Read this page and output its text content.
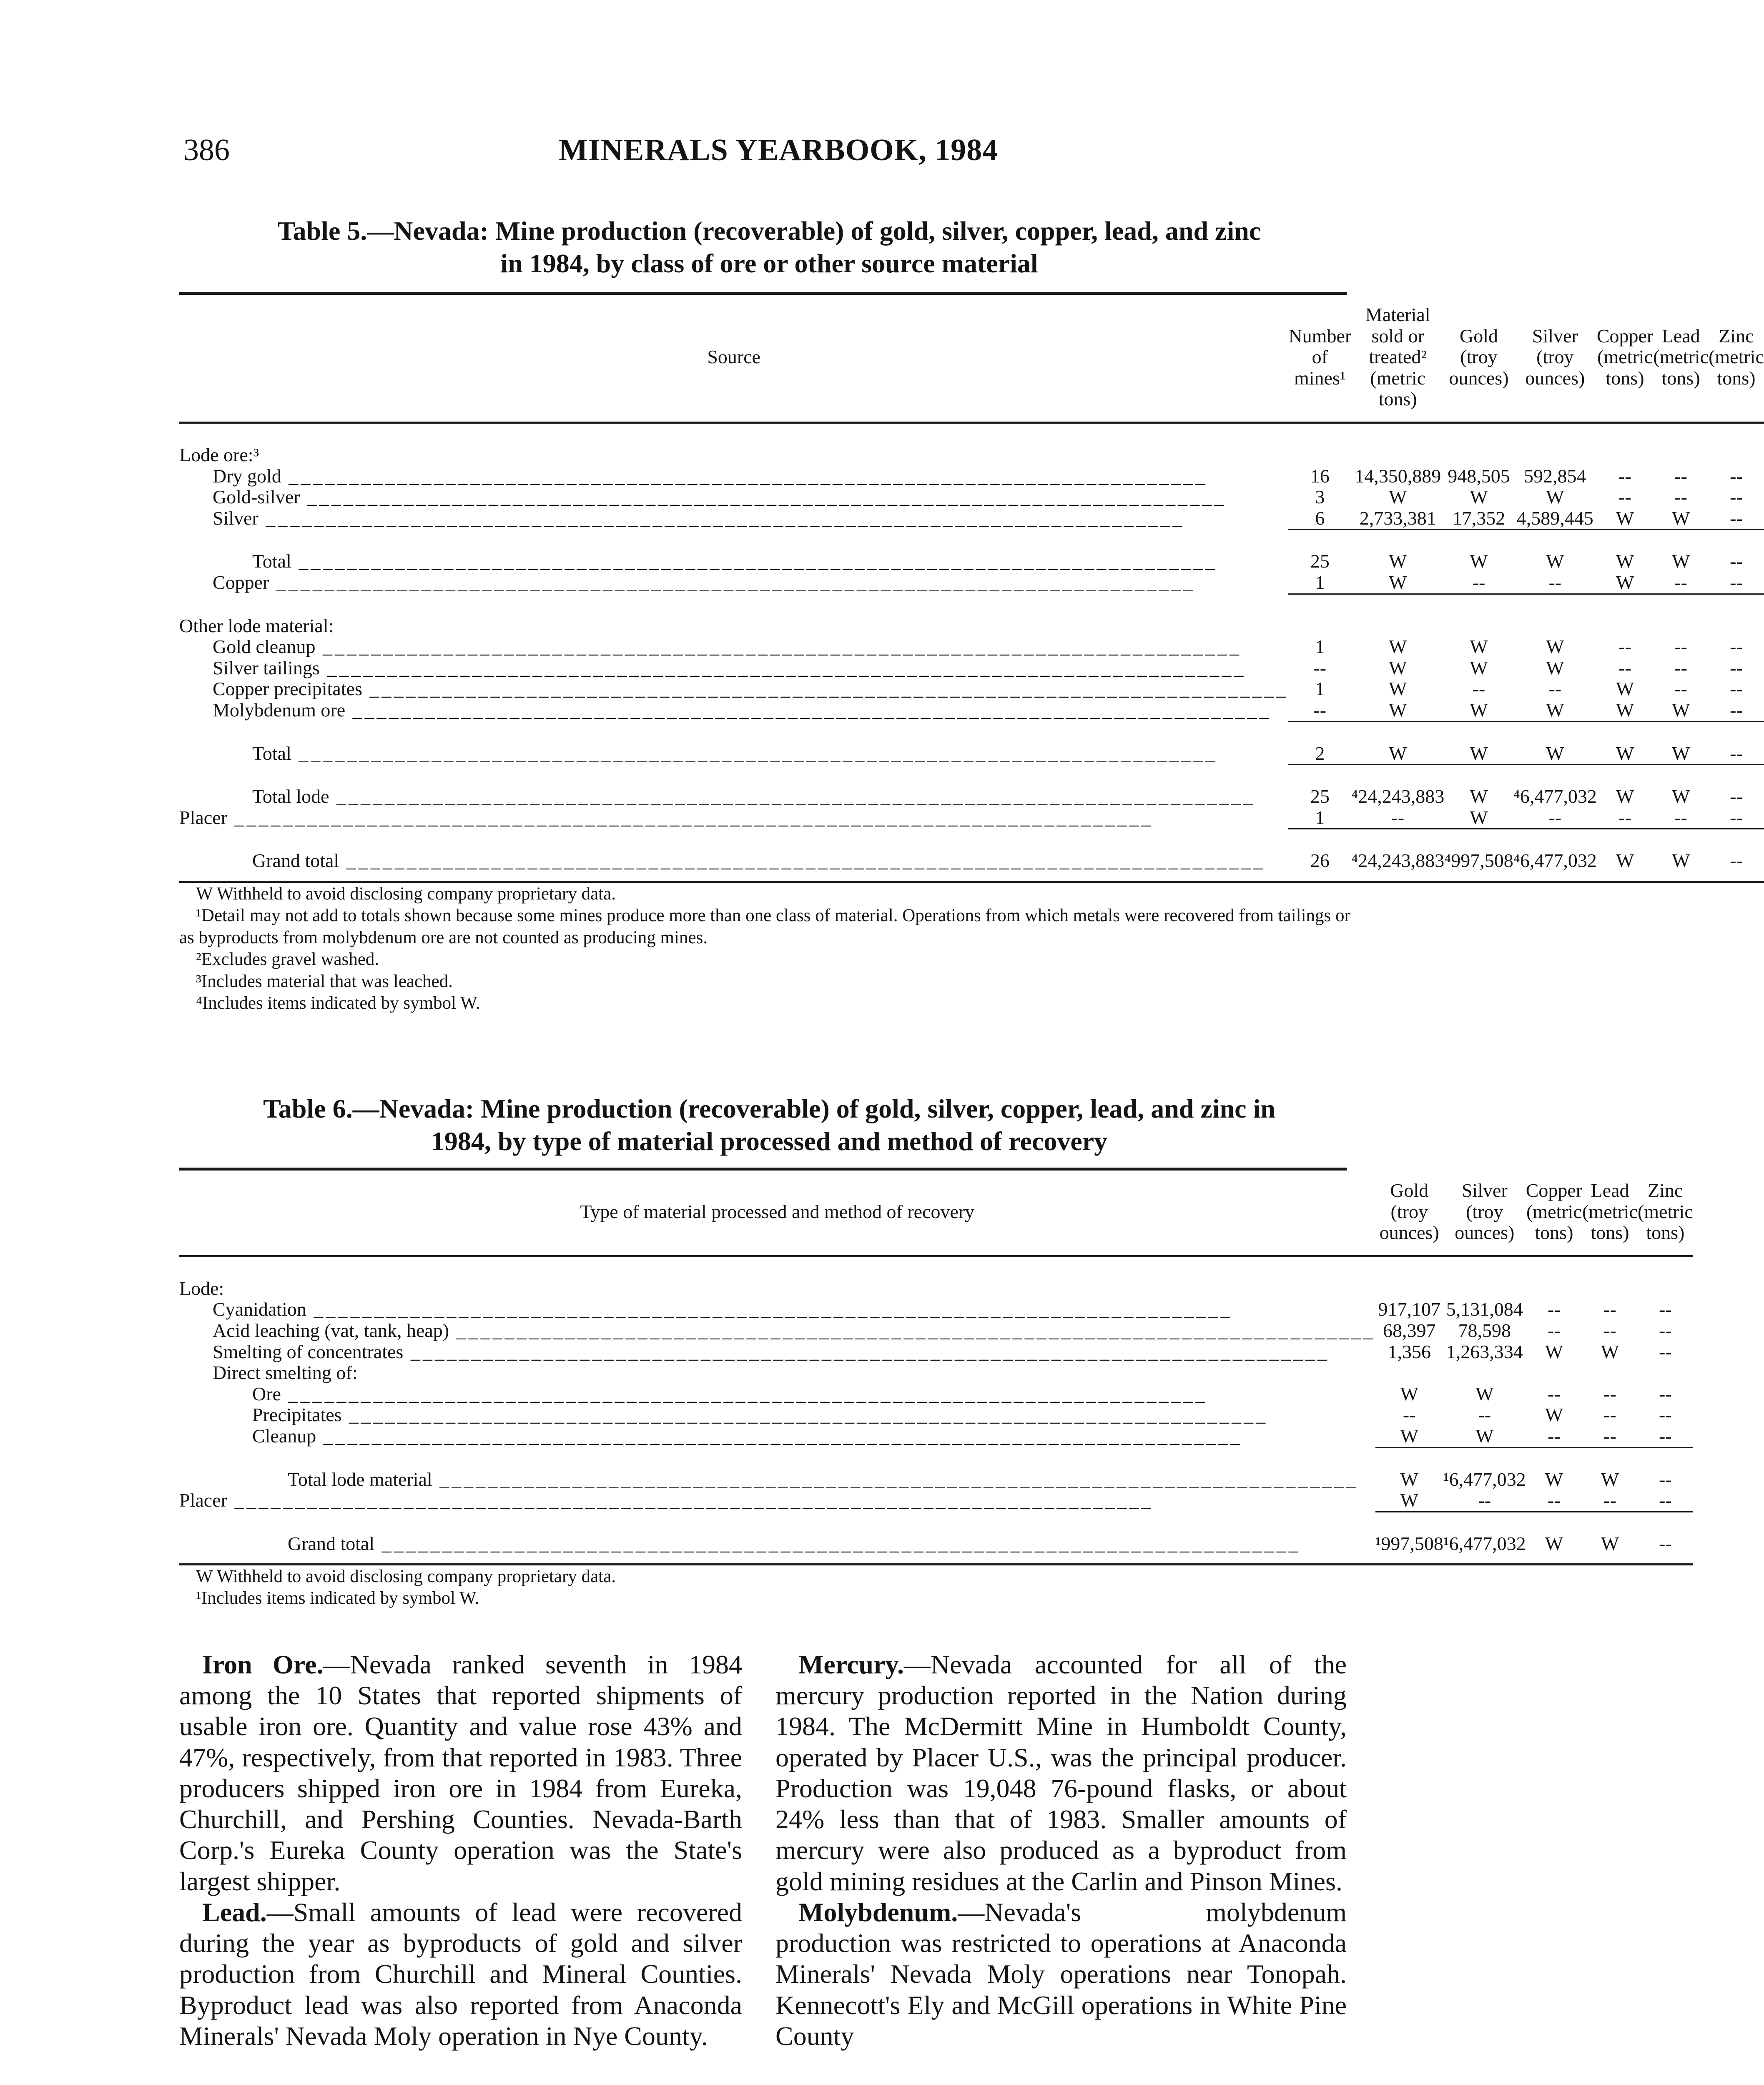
386	MINERALS YEARBOOK, 1984
Table 5.—Nevada: Mine production (recoverable) of gold, silver, copper, lead, and zinc
in 1984, by class of ore or other source material
Source	Number of mines¹	Material sold or treated² (metric tons)	Gold (troy ounces)	Silver (troy ounces)	Copper (metric tons)	Lead (metric tons)	Zinc (metric tons)

Lode ore:³							
Dry gold _____	16	14,350,889	948,505	592,854	--	--	--
Gold-silver _____	3	W	W	W	--	--	--
Silver _____	6	2,733,381	17,352	4,589,445	W	W	--

Total _____	25	W	W	W	W	W	--
Copper _____	1	W	--	--	W	--	--

Other lode material:							
Gold cleanup _____	1	W	W	W	--	--	--
Silver tailings _____	--	W	W	W	--	--	--
Copper precipitates _____	1	W	--	--	W	--	--
Molybdenum ore _____	--	W	W	W	W	W	--

Total _____	2	W	W	W	W	W	--

Total lode _____	25	⁴24,243,883	W	⁴6,477,032	W	W	--
Placer _____	1	--	W	--	--	--	--

Grand total _____	26	⁴24,243,883	⁴997,508	⁴6,477,032	W	W	--

W Withheld to avoid disclosing company proprietary data.

¹Detail may not add to totals shown because some mines produce more than one class of material. Operations from which metals were recovered from tailings or as byproducts from molybdenum ore are not counted as producing mines.

²Excludes gravel washed.

³Includes material that was leached.

⁴Includes items indicated by symbol W.

Table 6.—Nevada: Mine production (recoverable) of gold, silver, copper, lead, and zinc in
1984, by type of material processed and method of recovery
Type of material processed and method of recovery	Gold (troy ounces)	Silver (troy ounces)	Copper (metric tons)	Lead (metric tons)	Zinc (metric tons)

Lode:					
Cyanidation _____	917,107	5,131,084	--	--	--
Acid leaching (vat, tank, heap) _____	68,397	78,598	--	--	--
Smelting of concentrates _____	1,356	1,263,334	W	W	--
Direct smelting of:					
Ore _____	W	W	--	--	--
Precipitates _____	--	--	W	--	--
Cleanup _____	W	W	--	--	--

Total lode material _____	W	¹6,477,032	W	W	--
Placer _____	W	--	--	--	--

Grand total _____	¹997,508	¹6,477,032	W	W	--

W Withheld to avoid disclosing company proprietary data.

¹Includes items indicated by symbol W.

Iron Ore.—Nevada ranked seventh in 1984 among the 10 States that reported shipments of usable iron ore. Quantity and value rose 43% and 47%, respectively, from that reported in 1983. Three producers shipped iron ore in 1984 from Eureka, Churchill, and Pershing Counties. Nevada-Barth Corp.'s Eureka County operation was the State's largest shipper.

Lead.—Small amounts of lead were recovered during the year as byproducts of gold and silver production from Churchill and Mineral Counties. Byproduct lead was also reported from Anaconda Minerals' Nevada Moly operation in Nye County.

Mercury.—Nevada accounted for all of the mercury production reported in the Nation during 1984. The McDermitt Mine in Humboldt County, operated by Placer U.S., was the principal producer. Production was 19,048 76-pound flasks, or about 24% less than that of 1983. Smaller amounts of mercury were also produced as a byproduct from gold mining residues at the Carlin and Pinson Mines.

Molybdenum.—Nevada's molybdenum production was restricted to operations at Anaconda Minerals' Nevada Moly operations near Tonopah. Kennecott's Ely and McGill operations in White Pine County
